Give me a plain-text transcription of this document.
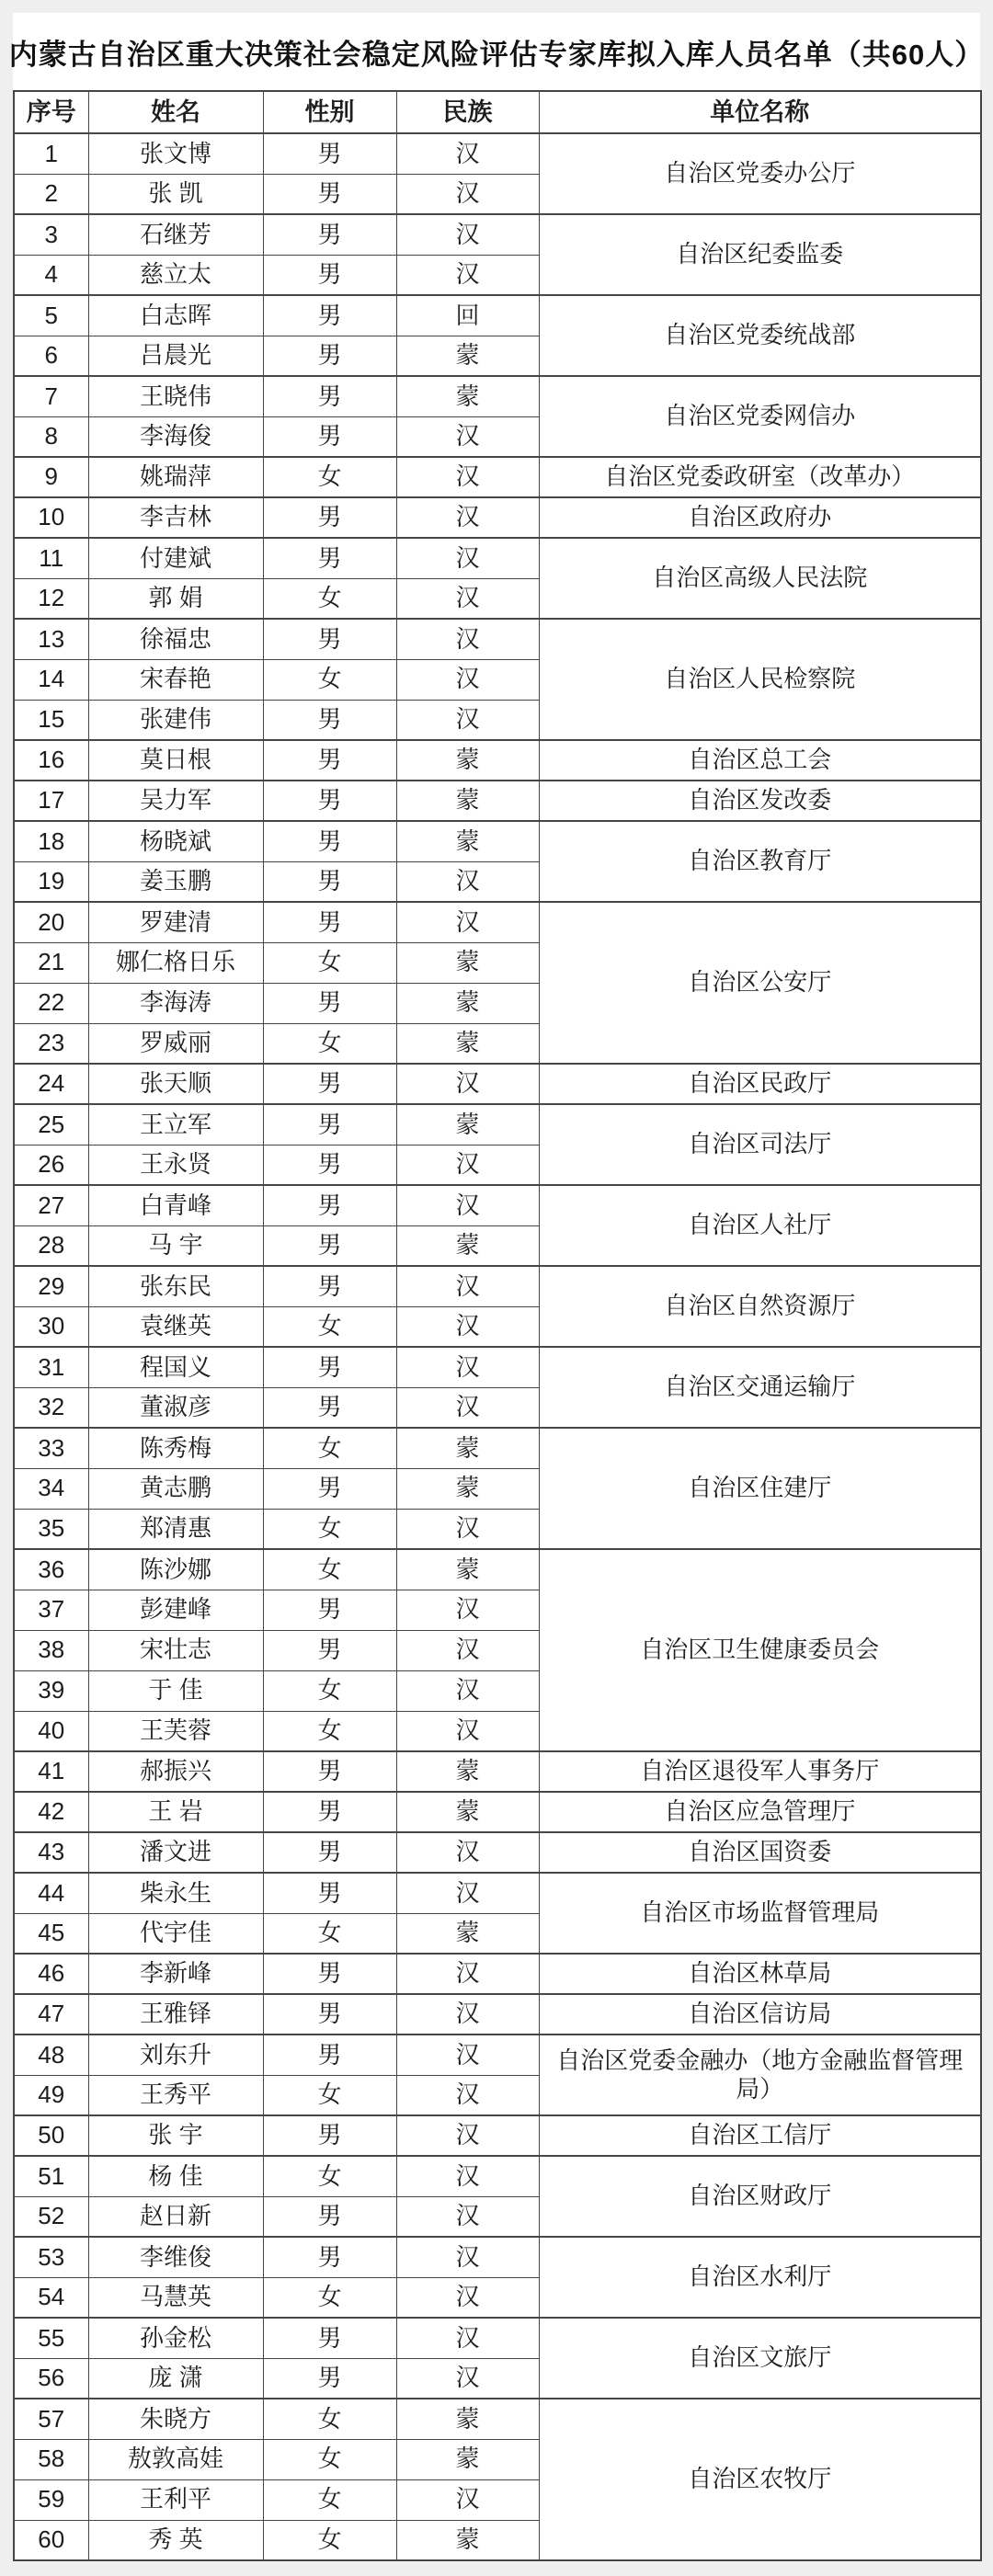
内蒙古自治区重大决策社会稳定风险评估专家库拟入库人员名单（共60人）
序号	姓名	性别	民族	单位名称
1	张文博	男	汉	自治区党委办公厅
2	张 凯	男	汉	
3	石继芳	男	汉	自治区纪委监委
4	慈立太	男	汉	
5	白志晖	男	回	自治区党委统战部
6	吕晨光	男	蒙	
7	王晓伟	男	蒙	自治区党委网信办
8	李海俊	男	汉	
9	姚瑞萍	女	汉	自治区党委政研室（改革办）
10	李吉林	男	汉	自治区政府办
11	付建斌	男	汉	自治区高级人民法院
12	郭 娟	女	汉	
13	徐福忠	男	汉	自治区人民检察院
14	宋春艳	女	汉	
15	张建伟	男	汉	
16	莫日根	男	蒙	自治区总工会
17	吴力军	男	蒙	自治区发改委
18	杨晓斌	男	蒙	自治区教育厅
19	姜玉鹏	男	汉	
20	罗建清	男	汉	自治区公安厅
21	娜仁格日乐	女	蒙	
22	李海涛	男	蒙	
23	罗威丽	女	蒙	
24	张天顺	男	汉	自治区民政厅
25	王立军	男	蒙	自治区司法厅
26	王永贤	男	汉	
27	白青峰	男	汉	自治区人社厅
28	马 宇	男	蒙	
29	张东民	男	汉	自治区自然资源厅
30	袁继英	女	汉	
31	程国义	男	汉	自治区交通运输厅
32	董淑彦	男	汉	
33	陈秀梅	女	蒙	自治区住建厅
34	黄志鹏	男	蒙	
35	郑清惠	女	汉	
36	陈沙娜	女	蒙	自治区卫生健康委员会
37	彭建峰	男	汉	
38	宋壮志	男	汉	
39	于 佳	女	汉	
40	王芙蓉	女	汉	
41	郝振兴	男	蒙	自治区退役军人事务厅
42	王 岩	男	蒙	自治区应急管理厅
43	潘文进	男	汉	自治区国资委
44	柴永生	男	汉	自治区市场监督管理局
45	代宇佳	女	蒙	
46	李新峰	男	汉	自治区林草局
47	王雅铎	男	汉	自治区信访局
48	刘东升	男	汉	自治区党委金融办（地方金融监督管理局）
49	王秀平	女	汉	
50	张 宇	男	汉	自治区工信厅
51	杨 佳	女	汉	自治区财政厅
52	赵日新	男	汉	
53	李维俊	男	汉	自治区水利厅
54	马慧英	女	汉	
55	孙金松	男	汉	自治区文旅厅
56	庞 潇	男	汉	
57	朱晓方	女	蒙	自治区农牧厅
58	敖敦高娃	女	蒙	
59	王利平	女	汉	
60	秀 英	女	蒙	
